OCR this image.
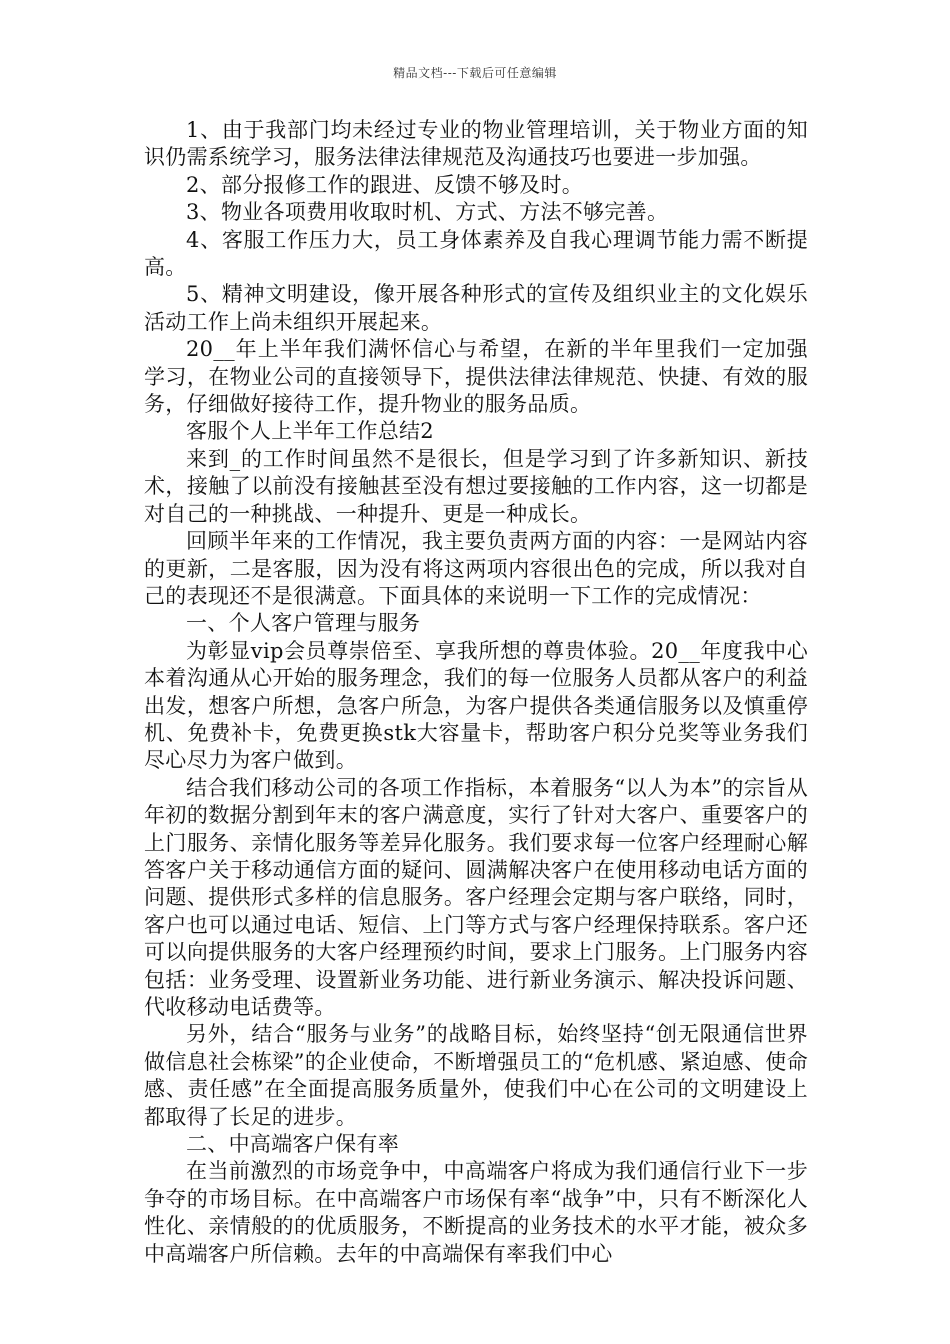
精品文档---下载后可任意编辑

1、由于我部门均未经过专业的物业管理培训，关于物业方面的知识仍需系统学习，服务法律法律规范及沟通技巧也要进一步加强。

2、部分报修工作的跟进、反馈不够及时。

3、物业各项费用收取时机、方式、方法不够完善。

4、客服工作压力大，员工身体素养及自我心理调节能力需不断提高。

5、精神文明建设，像开展各种形式的宣传及组织业主的文化娱乐活动工作上尚未组织开展起来。

20__年上半年我们满怀信心与希望，在新的半年里我们一定加强学习，在物业公司的直接领导下，提供法律法律规范、快捷、有效的服务，仔细做好接待工作，提升物业的服务品质。

客服个人上半年工作总结2

来到_的工作时间虽然不是很长，但是学习到了许多新知识、新技术，接触了以前没有接触甚至没有想过要接触的工作内容，这一切都是对自己的一种挑战、一种提升、更是一种成长。

回顾半年来的工作情况，我主要负责两方面的内容：一是网站内容的更新，二是客服，因为没有将这两项内容很出色的完成，所以我对自己的表现还不是很满意。下面具体的来说明一下工作的完成情况：

一、个人客户管理与服务

为彰显vip会员尊崇倍至、享我所想的尊贵体验。20__年度我中心本着沟通从心开始的服务理念，我们的每一位服务人员都从客户的利益出发，想客户所想，急客户所急，为客户提供各类通信服务以及慎重停机、免费补卡，免费更换stk大容量卡，帮助客户积分兑奖等业务我们尽心尽力为客户做到。

结合我们移动公司的各项工作指标，本着服务“以人为本”的宗旨从年初的数据分割到年末的客户满意度，实行了针对大客户、重要客户的上门服务、亲情化服务等差异化服务。我们要求每一位客户经理耐心解答客户关于移动通信方面的疑问、圆满解决客户在使用移动电话方面的问题、提供形式多样的信息服务。客户经理会定期与客户联络，同时，客户也可以通过电话、短信、上门等方式与客户经理保持联系。客户还可以向提供服务的大客户经理预约时间，要求上门服务。上门服务内容包括：业务受理、设置新业务功能、进行新业务演示、解决投诉问题、代收移动电话费等。

另外，结合“服务与业务”的战略目标，始终坚持“创无限通信世界做信息社会栋梁”的企业使命，不断增强员工的“危机感、紧迫感、使命感、责任感”在全面提高服务质量外，使我们中心在公司的文明建设上都取得了长足的进步。

二、中高端客户保有率

在当前激烈的市场竞争中，中高端客户将成为我们通信行业下一步争夺的市场目标。在中高端客户市场保有率“战争”中，只有不断深化人性化、亲情般的的优质服务，不断提高的业务技术的水平才能，被众多中高端客户所信赖。去年的中高端保有率我们中心
